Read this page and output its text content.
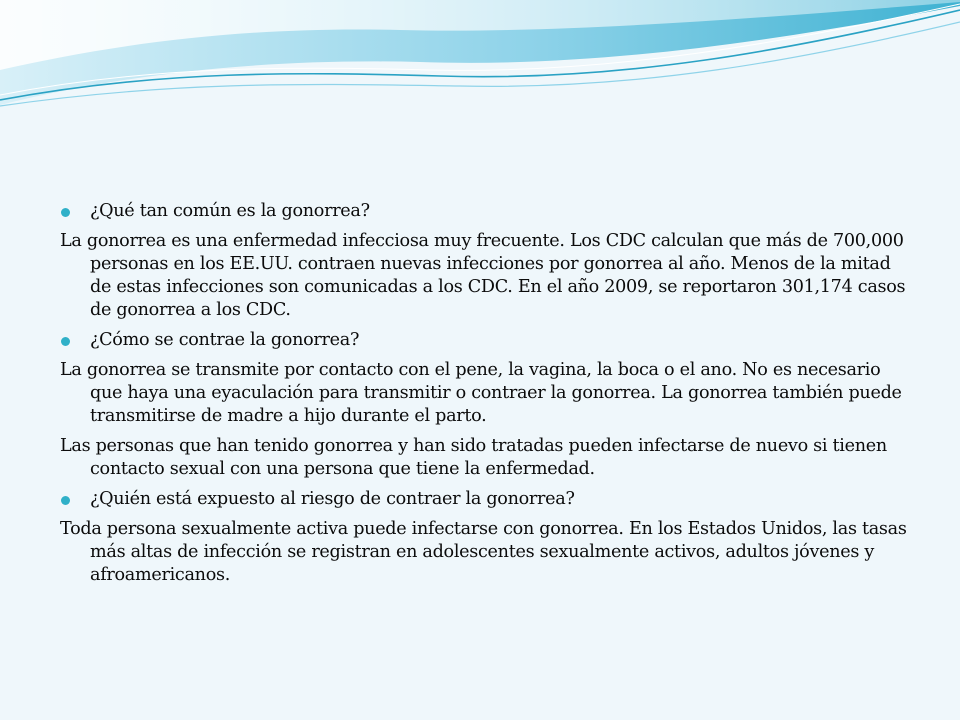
¿Qué tan común es la gonorrea?
La gonorrea es una enfermedad infecciosa muy frecuente. Los CDC calculan que más de 700,000 personas en los EE.UU. contraen nuevas infecciones por gonorrea al año. Menos de la mitad de estas infecciones son comunicadas a los CDC. En el año 2009, se reportaron 301,174 casos de gonorrea a los CDC.
¿Cómo se contrae la gonorrea?
La gonorrea se transmite por contacto con el pene, la vagina, la boca o el ano. No es necesario que haya una eyaculación para transmitir o contraer la gonorrea. La gonorrea también puede transmitirse de madre a hijo durante el parto.
Las personas que han tenido gonorrea y han sido tratadas pueden infectarse de nuevo si tienen contacto sexual con una persona que tiene la enfermedad.
¿Quién está expuesto al riesgo de contraer la gonorrea?
Toda persona sexualmente activa puede infectarse con gonorrea. En los Estados Unidos, las tasas más altas de infección se registran en adolescentes sexualmente activos, adultos jóvenes y afroamericanos.
